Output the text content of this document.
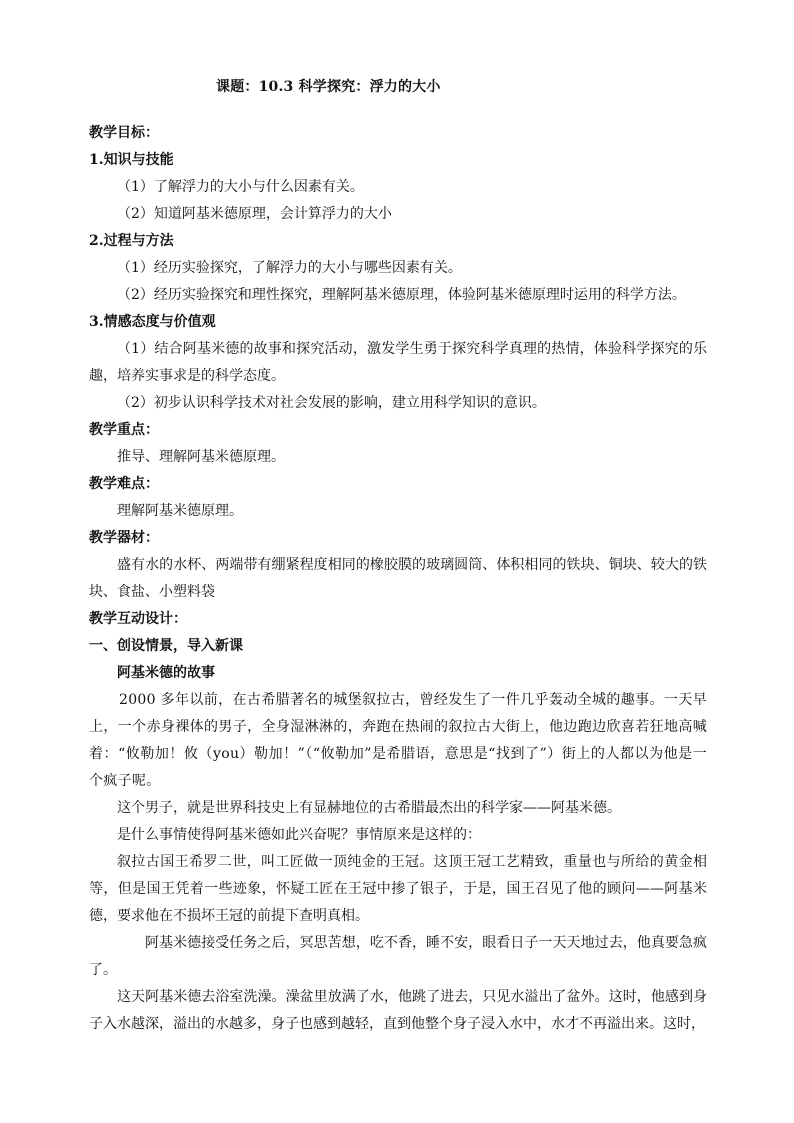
课题：10.3 科学探究：浮力的大小

教学目标：

1.知识与技能

（1）了解浮力的大小与什么因素有关。

（2）知道阿基米德原理，会计算浮力的大小

2.过程与方法

（1）经历实验探究，了解浮力的大小与哪些因素有关。

（2）经历实验探究和理性探究，理解阿基米德原理，体验阿基米德原理时运用的科学方法。

3.情感态度与价值观

（1）结合阿基米德的故事和探究活动，激发学生勇于探究科学真理的热情，体验科学探究的乐趣，培养实事求是的科学态度。

（2）初步认识科学技术对社会发展的影响，建立用科学知识的意识。

教学重点：

推导、理解阿基米德原理。

教学难点：

理解阿基米德原理。

教学器材：

盛有水的水杯、两端带有绷紧程度相同的橡胶膜的玻璃圆筒、体积相同的铁块、铜块、较大的铁块、食盐、小塑料袋

教学互动设计：

一、创设情景，导入新课

阿基米德的故事

2000 多年以前，在古希腊著名的城堡叙拉古，曾经发生了一件几乎轰动全城的趣事。一天早上，一个赤身裸体的男子，全身湿淋淋的，奔跑在热闹的叙拉古大街上，他边跑边欣喜若狂地高喊着：“攸勒加！攸（you）勒加！”（“攸勒加”是希腊语，意思是“找到了”）街上的人都以为他是一个疯子呢。

这个男子，就是世界科技史上有显赫地位的古希腊最杰出的科学家——阿基米德。

是什么事情使得阿基米德如此兴奋呢？事情原来是这样的：

叙拉古国王希罗二世，叫工匠做一顶纯金的王冠。这顶王冠工艺精致，重量也与所给的黄金相等，但是国王凭着一些迹象，怀疑工匠在王冠中掺了银子，于是，国王召见了他的顾问——阿基米德，要求他在不损坏王冠的前提下查明真相。

阿基米德接受任务之后，冥思苦想，吃不香，睡不安，眼看日子一天天地过去，他真要急疯了。

这天阿基米德去浴室洗澡。澡盆里放满了水，他跳了进去，只见水溢出了盆外。这时，他感到身子入水越深，溢出的水越多，身子也感到越轻，直到他整个身子浸入水中，水才不再溢出来。这时，
